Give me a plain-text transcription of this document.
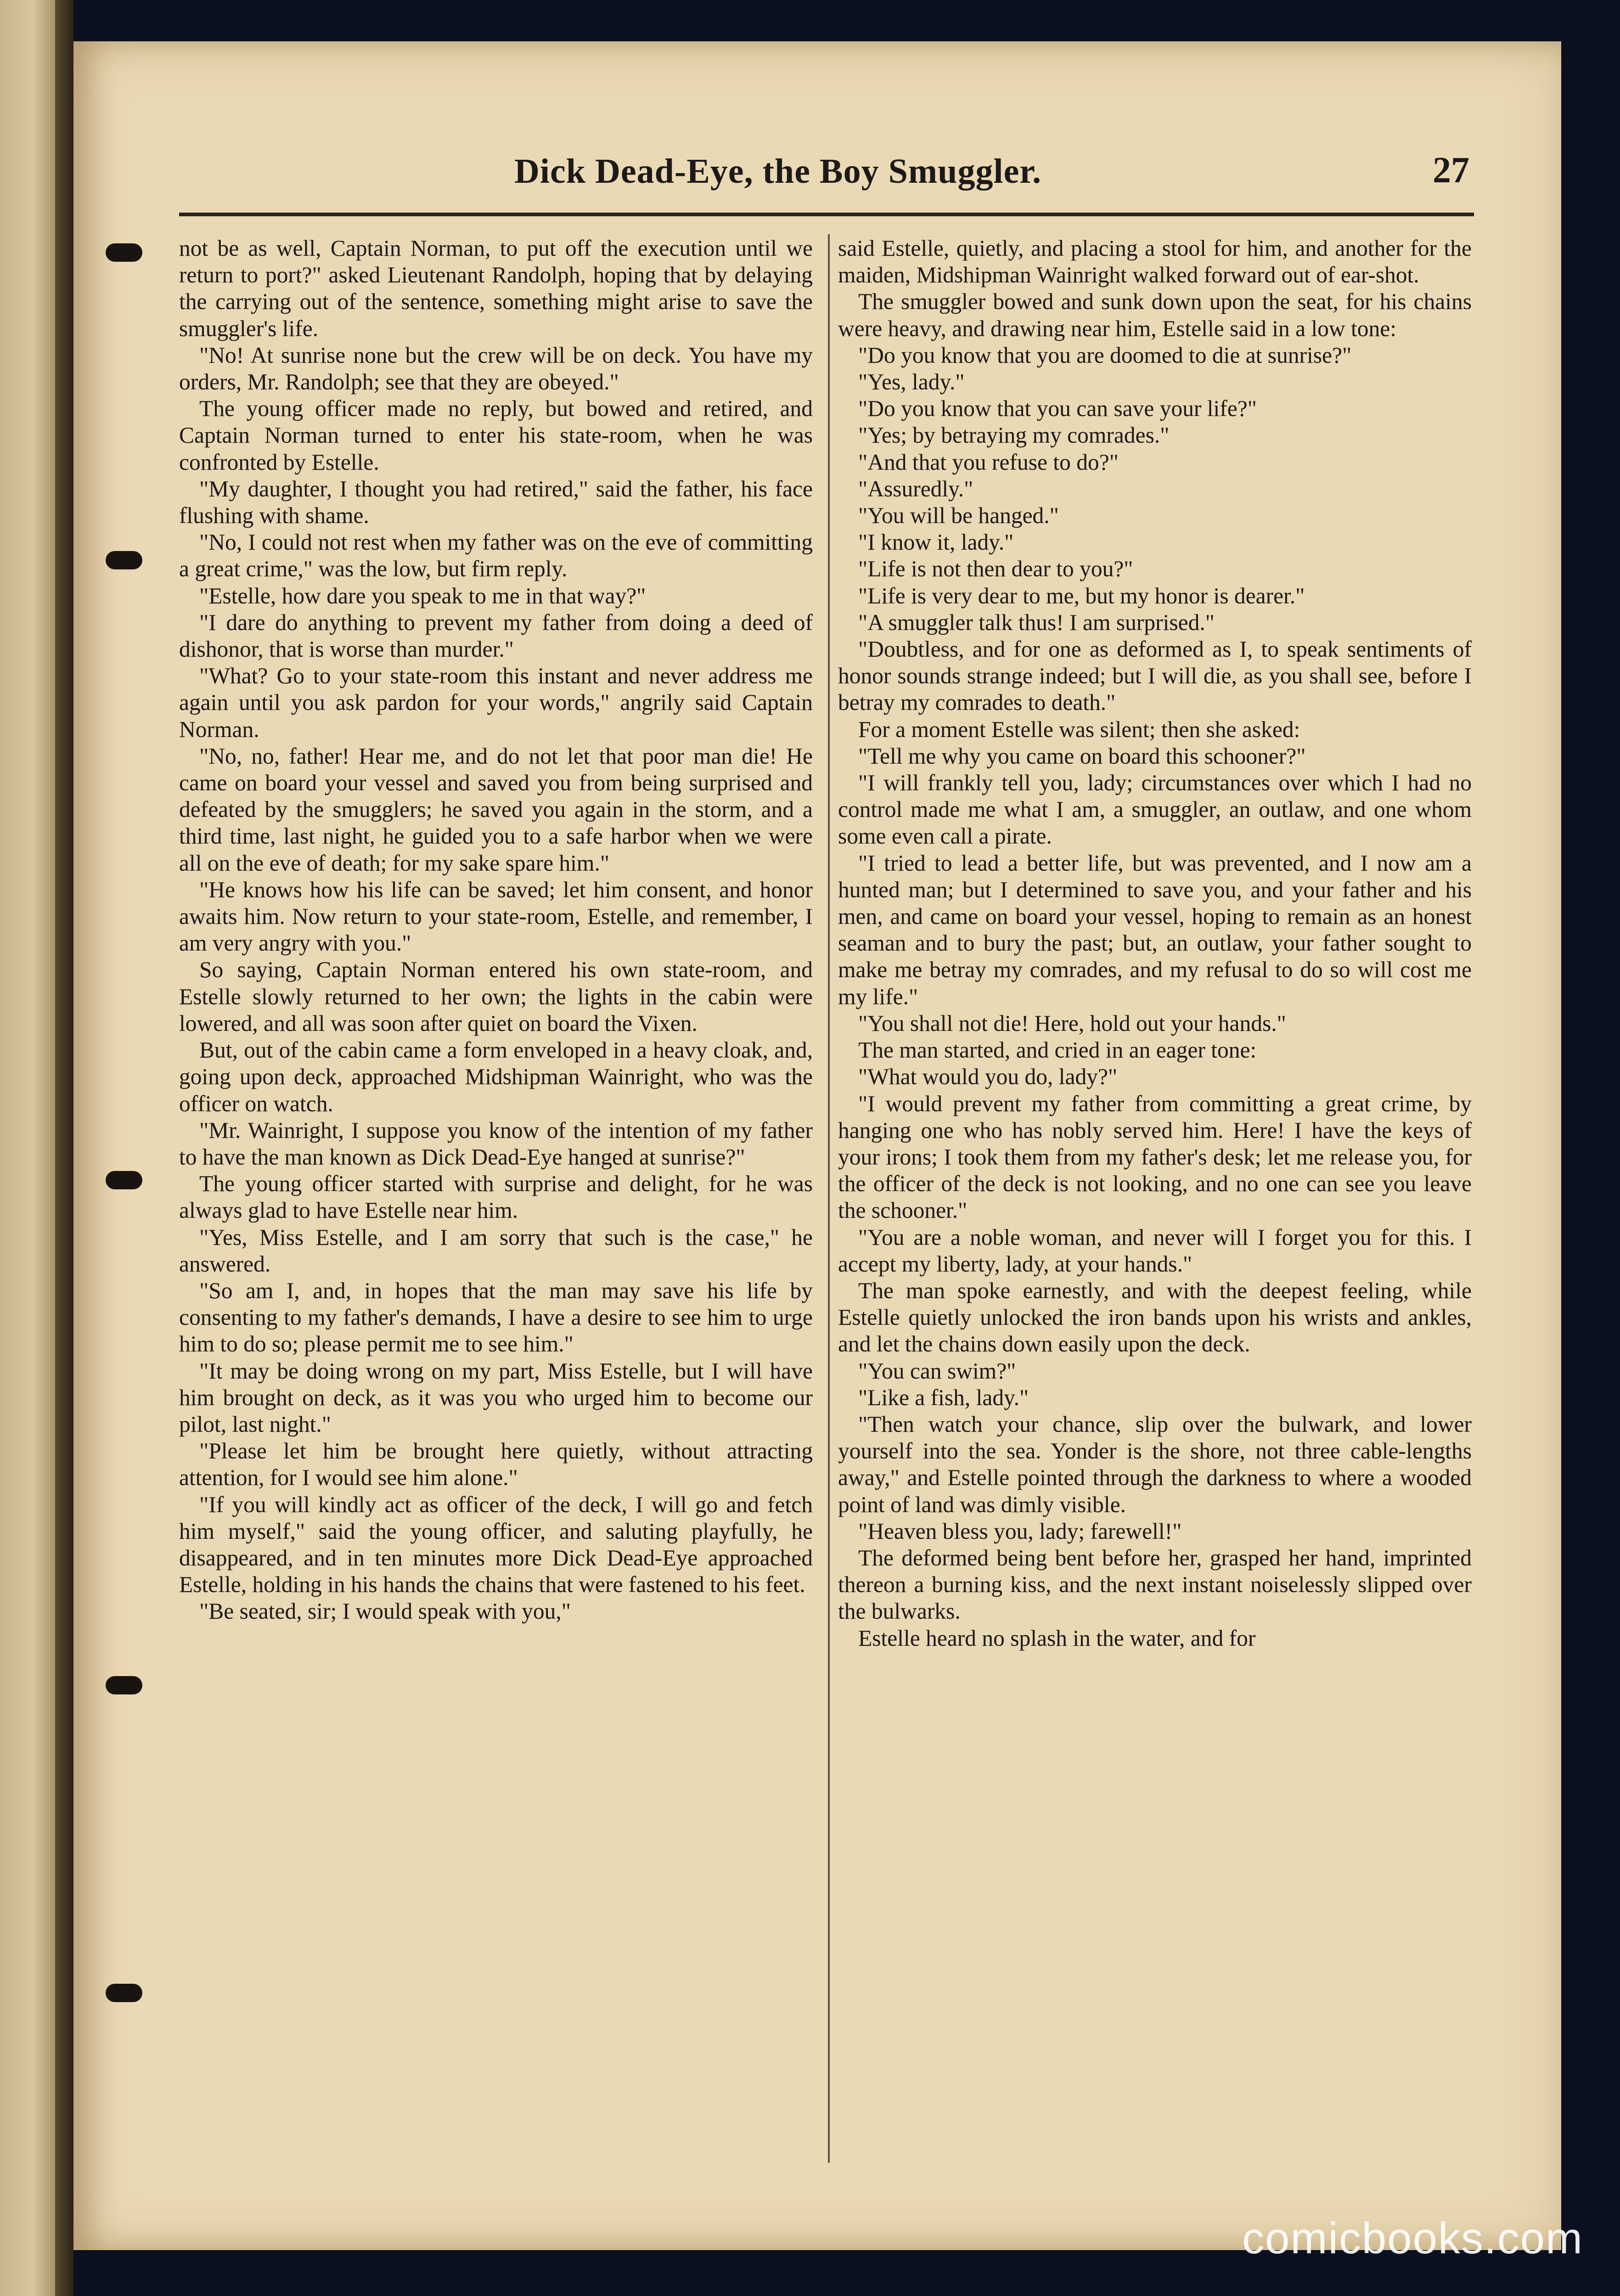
Dick Dead-Eye, the Boy Smuggler.	27

not be as well, Captain Norman, to put off the execution until we return to port?" asked Lieutenant Randolph, hoping that by delaying the carrying out of the sentence, something might arise to save the smuggler's life.

"No! At sunrise none but the crew will be on deck. You have my orders, Mr. Randolph; see that they are obeyed."

The young officer made no reply, but bowed and retired, and Captain Norman turned to enter his state-room, when he was confronted by Estelle.

"My daughter, I thought you had retired," said the father, his face flushing with shame.

"No, I could not rest when my father was on the eve of committing a great crime," was the low, but firm reply.

"Estelle, how dare you speak to me in that way?"

"I dare do anything to prevent my father from doing a deed of dishonor, that is worse than murder."

"What? Go to your state-room this instant and never address me again until you ask pardon for your words," angrily said Captain Norman.

"No, no, father! Hear me, and do not let that poor man die! He came on board your vessel and saved you from being surprised and defeated by the smugglers; he saved you again in the storm, and a third time, last night, he guided you to a safe harbor when we were all on the eve of death; for my sake spare him."

"He knows how his life can be saved; let him consent, and honor awaits him. Now return to your state-room, Estelle, and remember, I am very angry with you."

So saying, Captain Norman entered his own state-room, and Estelle slowly returned to her own; the lights in the cabin were lowered, and all was soon after quiet on board the Vixen.

But, out of the cabin came a form enveloped in a heavy cloak, and, going upon deck, approached Midshipman Wainright, who was the officer on watch.

"Mr. Wainright, I suppose you know of the intention of my father to have the man known as Dick Dead-Eye hanged at sunrise?"

The young officer started with surprise and delight, for he was always glad to have Estelle near him.

"Yes, Miss Estelle, and I am sorry that such is the case," he answered.

"So am I, and, in hopes that the man may save his life by consenting to my father's demands, I have a desire to see him to urge him to do so; please permit me to see him."

"It may be doing wrong on my part, Miss Estelle, but I will have him brought on deck, as it was you who urged him to become our pilot, last night."

"Please let him be brought here quietly, without attracting attention, for I would see him alone."

"If you will kindly act as officer of the deck, I will go and fetch him myself," said the young officer, and saluting playfully, he disappeared, and in ten minutes more Dick Dead-Eye approached Estelle, holding in his hands the chains that were fastened to his feet.

"Be seated, sir; I would speak with you,"

said Estelle, quietly, and placing a stool for him, and another for the maiden, Midshipman Wainright walked forward out of ear-shot.

The smuggler bowed and sunk down upon the seat, for his chains were heavy, and drawing near him, Estelle said in a low tone:

"Do you know that you are doomed to die at sunrise?"

"Yes, lady."

"Do you know that you can save your life?"

"Yes; by betraying my comrades."

"And that you refuse to do?"

"Assuredly."

"You will be hanged."

"I know it, lady."

"Life is not then dear to you?"

"Life is very dear to me, but my honor is dearer."

"A smuggler talk thus! I am surprised."

"Doubtless, and for one as deformed as I, to speak sentiments of honor sounds strange indeed; but I will die, as you shall see, before I betray my comrades to death."

For a moment Estelle was silent; then she asked:

"Tell me why you came on board this schooner?"

"I will frankly tell you, lady; circumstances over which I had no control made me what I am, a smuggler, an outlaw, and one whom some even call a pirate.

"I tried to lead a better life, but was prevented, and I now am a hunted man; but I determined to save you, and your father and his men, and came on board your vessel, hoping to remain as an honest seaman and to bury the past; but, an outlaw, your father sought to make me betray my comrades, and my refusal to do so will cost me my life."

"You shall not die! Here, hold out your hands."

The man started, and cried in an eager tone:

"What would you do, lady?"

"I would prevent my father from committing a great crime, by hanging one who has nobly served him. Here! I have the keys of your irons; I took them from my father's desk; let me release you, for the officer of the deck is not looking, and no one can see you leave the schooner."

"You are a noble woman, and never will I forget you for this. I accept my liberty, lady, at your hands."

The man spoke earnestly, and with the deepest feeling, while Estelle quietly unlocked the iron bands upon his wrists and ankles, and let the chains down easily upon the deck.

"You can swim?"

"Like a fish, lady."

"Then watch your chance, slip over the bulwark, and lower yourself into the sea. Yonder is the shore, not three cable-lengths away," and Estelle pointed through the darkness to where a wooded point of land was dimly visible.

"Heaven bless you, lady; farewell!"

The deformed being bent before her, grasped her hand, imprinted thereon a burning kiss, and the next instant noiselessly slipped over the bulwarks.

Estelle heard no splash in the water, and for

comicbooks.com
